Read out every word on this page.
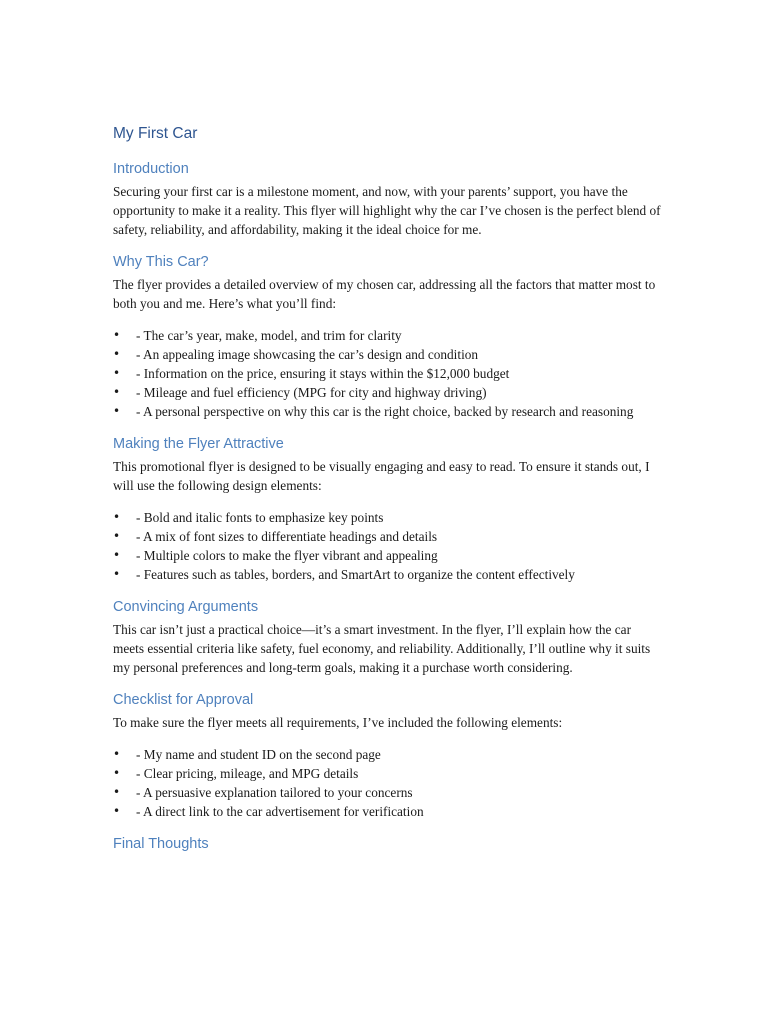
My First Car
Introduction

Securing your first car is a milestone moment, and now, with your parents’ support, you have the opportunity to make it a reality. This flyer will highlight why the car I’ve chosen is the perfect blend of safety, reliability, and affordability, making it the ideal choice for me.

Why This Car?

The flyer provides a detailed overview of my chosen car, addressing all the factors that matter most to both you and me. Here’s what you’ll find:

• - The car’s year, make, model, and trim for clarity
• - An appealing image showcasing the car’s design and condition
• - Information on the price, ensuring it stays within the $12,000 budget
• - Mileage and fuel efficiency (MPG for city and highway driving)
• - A personal perspective on why this car is the right choice, backed by research and reasoning
Making the Flyer Attractive

This promotional flyer is designed to be visually engaging and easy to read. To ensure it stands out, I will use the following design elements:

• - Bold and italic fonts to emphasize key points
• - A mix of font sizes to differentiate headings and details
• - Multiple colors to make the flyer vibrant and appealing
• - Features such as tables, borders, and SmartArt to organize the content effectively
Convincing Arguments

This car isn’t just a practical choice—it’s a smart investment. In the flyer, I’ll explain how the car meets essential criteria like safety, fuel economy, and reliability. Additionally, I’ll outline why it suits my personal preferences and long-term goals, making it a purchase worth considering.

Checklist for Approval

To make sure the flyer meets all requirements, I’ve included the following elements:

• - My name and student ID on the second page
• - Clear pricing, mileage, and MPG details
• - A persuasive explanation tailored to your concerns
• - A direct link to the car advertisement for verification
Final Thoughts
